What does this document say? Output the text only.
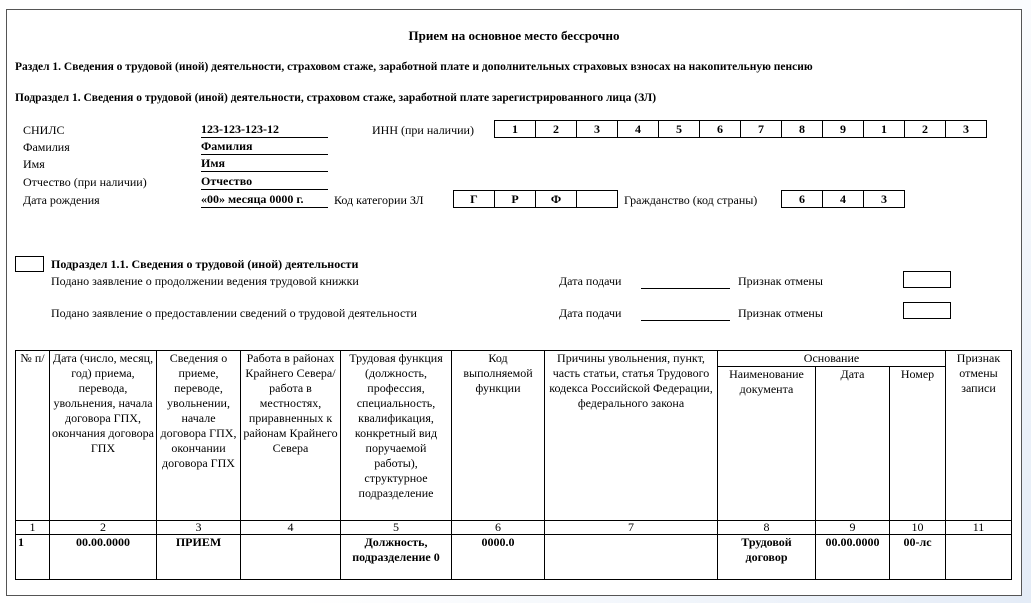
Прием на основное место бессрочно
Раздел 1. Сведения о трудовой (иной) деятельности, страховом стаже, заработной плате и дополнительных страховых взносах на накопительную пенсию
Подраздел 1. Сведения о трудовой (иной) деятельности, страховом стаже, заработной плате зарегистрированного лица (ЗЛ)
СНИЛС	123-123-123-12
Фамилия	Фамилия
Имя	Имя
Отчество (при наличии)	Отчество
Дата рождения	«00» месяца 0000 г.
ИНН (при наличии)	1	2	3	4	5	6	7	8	9	1	2	3
Код категории ЗЛ	Г	Р	Ф	Гражданство (код страны)	6	4	3
Подраздел 1.1. Сведения о трудовой (иной) деятельности
Подано заявление о продолжении ведения трудовой книжки	Дата подачи	Признак отмены
Подано заявление о предоставлении сведений о трудовой деятельности	Дата подачи	Признак отмены
№ п/	Дата (число, месяц, год) приема, перевода, увольнения, начала договора ГПХ, окончания договора ГПХ	Сведения о приеме, переводе, увольнении, начале договора ГПХ, окончании договора ГПХ	Работа в районах Крайнего Севера/работа в местностях, приравненных к районам Крайнего Севера	Трудовая функция (должность, профессия, специальность, квалификация, конкретный вид поручаемой работы), структурное подразделение	Код выполняемой функции	Причины увольнения, пункт, часть статьи, статья Трудового кодекса Российской Федерации, федерального закона	Основание			Признак отмены записи
							Наименование документа	Дата	Номер	
1	2	3	4	5	6	7	8	9	10	11
1	00.00.0000	ПРИЕМ		Должность, подразделение 0	0000.0		Трудовой договор	00.00.0000	00-лс	
